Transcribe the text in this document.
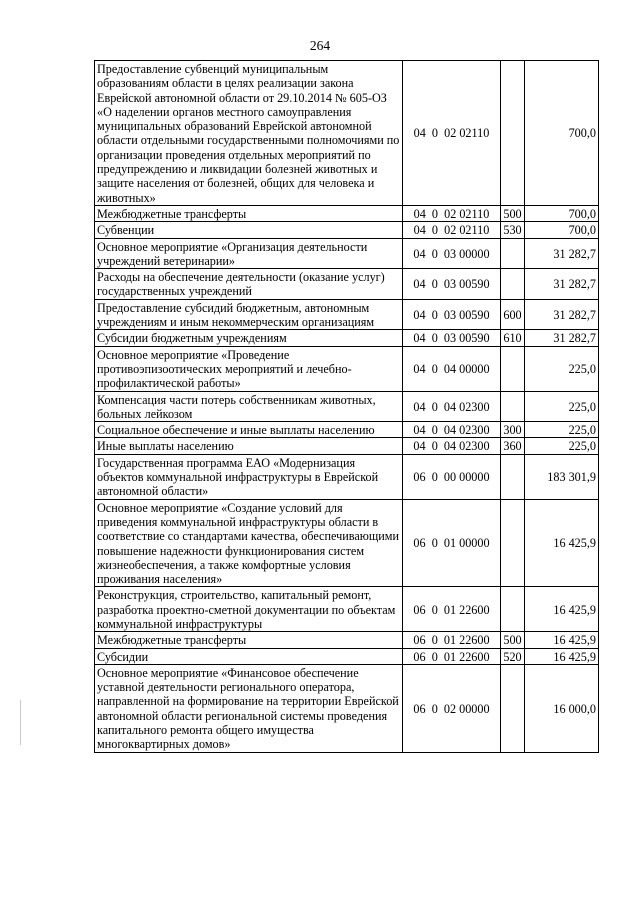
264
Предоставление субвенций муниципальным образованиям области в целях реализации закона Еврейской автономной области от 29.10.2014 № 605-ОЗ «О наделении органов местного самоуправления муниципальных образований Еврейской автономной области отдельными государственными полномочиями по организации проведения отдельных мероприятий по предупреждению и ликвидации болезней животных и защите населения от болезней, общих для человека и животных»	04  0  02 02110		700,0
Межбюджетные трансферты	04  0  02 02110	500	700,0
Субвенции	04  0  02 02110	530	700,0
Основное мероприятие «Организация деятельности учреждений ветеринарии»	04  0  03 00000		31 282,7
Расходы на обеспечение деятельности (оказание услуг) государственных учреждений	04  0  03 00590		31 282,7
Предоставление субсидий бюджетным, автономным учреждениям и иным некоммерческим организациям	04  0  03 00590	600	31 282,7
Субсидии бюджетным учреждениям	04  0  03 00590	610	31 282,7
Основное мероприятие «Проведение противоэпизоотических мероприятий и лечебно-профилактической работы»	04  0  04 00000		225,0
Компенсация части потерь собственникам животных, больных лейкозом	04  0  04 02300		225,0
Социальное обеспечение и иные выплаты населению	04  0  04 02300	300	225,0
Иные выплаты населению	04  0  04 02300	360	225,0
Государственная программа ЕАО «Модернизация объектов коммунальной инфраструктуры в Еврейской автономной области»	06  0  00 00000		183 301,9
Основное мероприятие «Создание условий для приведения коммунальной инфраструктуры области в соответствие со стандартами качества, обеспечивающими повышение надежности функционирования систем жизнеобеспечения, а также комфортные условия проживания населения»	06  0  01 00000		16 425,9
Реконструкция, строительство, капитальный ремонт, разработка проектно-сметной документации по объектам коммунальной инфраструктуры	06  0  01 22600		16 425,9
Межбюджетные трансферты	06  0  01 22600	500	16 425,9
Субсидии	06  0  01 22600	520	16 425,9
Основное мероприятие «Финансовое обеспечение уставной деятельности регионального оператора, направленной на формирование на территории Еврейской автономной области региональной системы проведения капитального ремонта общего имущества многоквартирных домов»	06  0  02 00000		16 000,0
